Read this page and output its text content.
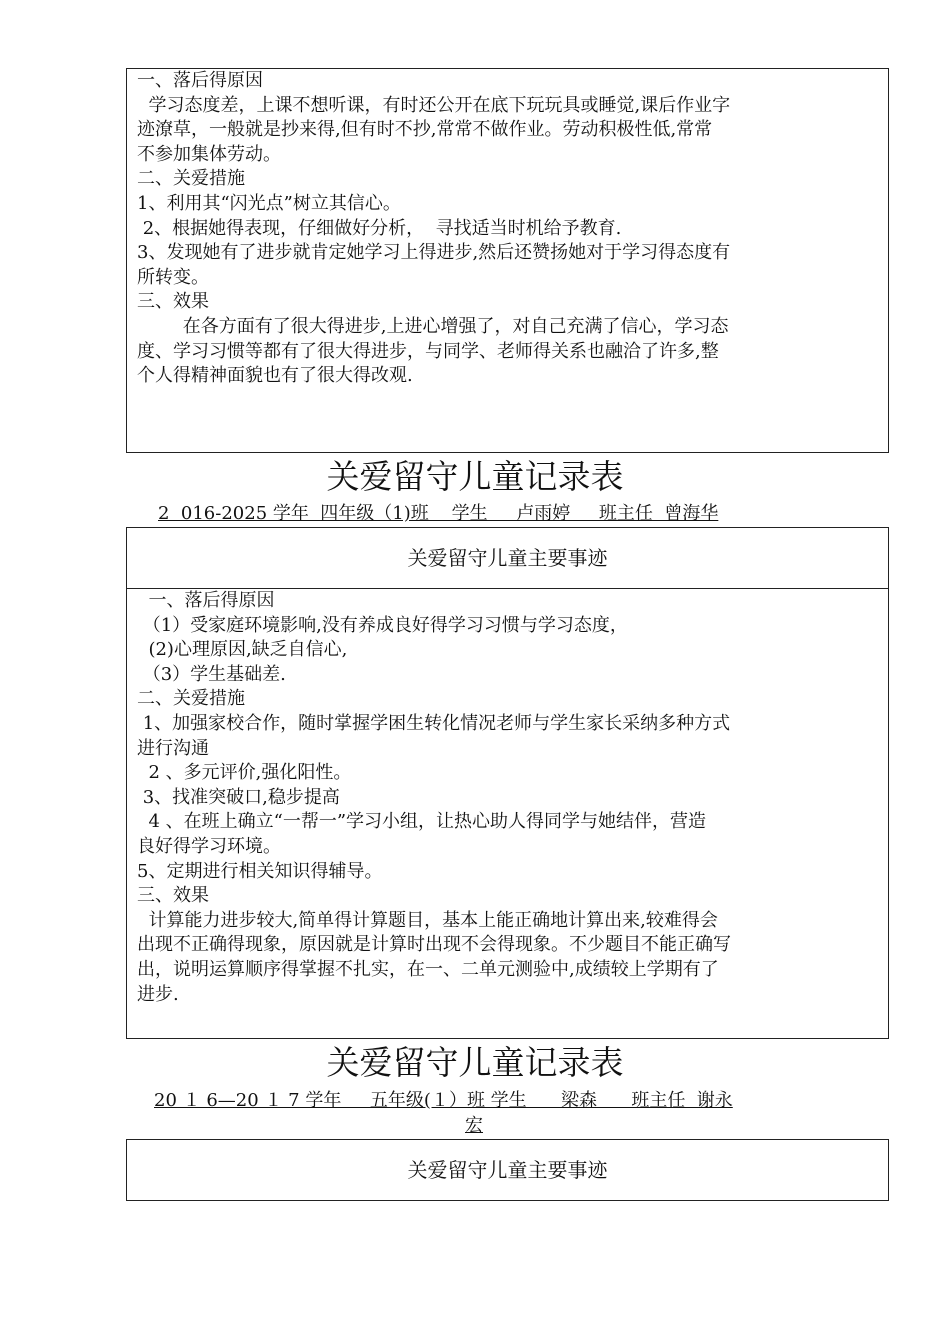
一、落后得原因
学习态度差，上课不想听课，有时还公开在底下玩玩具或睡觉,课后作业字
迹潦草，一般就是抄来得,但有时不抄,常常不做作业。劳动积极性低,常常
不参加集体劳动。
二、关爱措施
1、利用其“闪光点”树立其信心。
2、根据她得表现，仔细做好分析，  寻找适当时机给予教育.
3、发现她有了进步就肯定她学习上得进步,然后还赞扬她对于学习得态度有
所转变。
三、效果
在各方面有了很大得进步,上进心增强了，对自己充满了信心，学习态
度、学习习惯等都有了很大得进步，与同学、老师得关系也融洽了许多,整
个人得精神面貌也有了很大得改观.
关爱留守儿童记录表
2  016-2025 学年  四年级（1)班    学生     卢雨婷     班主任  曾海华
关爱留守儿童主要事迹
一、落后得原因
（1）受家庭环境影响,没有养成良好得学习习惯与学习态度，
(2)心理原因,缺乏自信心,
（3）学生基础差.
二、关爱措施
1、加强家校合作，随时掌握学困生转化情况老师与学生家长采纳多种方式
进行沟通
2 、多元评价,强化阳性。
3、找准突破口,稳步提高
4 、在班上确立“一帮一”学习小组，让热心助人得同学与她结伴，营造
良好得学习环境。
5、定期进行相关知识得辅导。
三、效果
计算能力进步较大,简单得计算题目，基本上能正确地计算出来,较难得会
出现不正确得现象，原因就是计算时出现不会得现象。不少题目不能正确写
出，说明运算顺序得掌握不扎实，在一、二单元测验中,成绩较上学期有了
进步.
关爱留守儿童记录表
20 １ 6—20 １ 7 学年     五年级(１）班 学生      梁森      班主任  谢永
宏
关爱留守儿童主要事迹
